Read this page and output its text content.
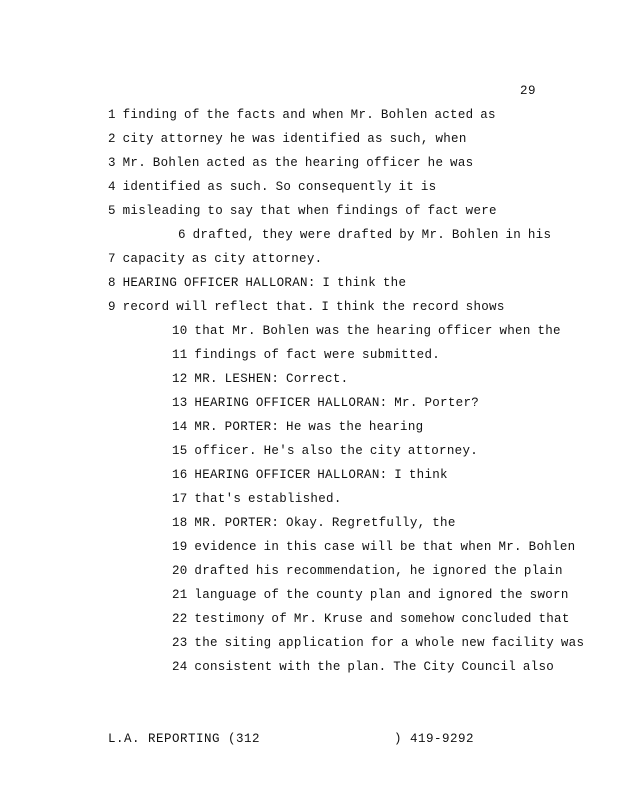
29
1 finding of the facts and when Mr. Bohlen acted as
2 city attorney he was identified as such, when
3 Mr. Bohlen acted as the hearing officer he was
4 identified as such. So consequently it is
5 misleading to say that when findings of fact were
6 drafted, they were drafted by Mr. Bohlen in his
7 capacity as city attorney.
8 HEARING OFFICER HALLORAN: I think the
9 record will reflect that. I think the record shows
10 that Mr. Bohlen was the hearing officer when the
11 findings of fact were submitted.
12 MR. LESHEN: Correct.
13 HEARING OFFICER HALLORAN: Mr. Porter?
14 MR. PORTER: He was the hearing
15 officer. He's also the city attorney.
16 HEARING OFFICER HALLORAN: I think
17 that's established.
18 MR. PORTER: Okay. Regretfully, the
19 evidence in this case will be that when Mr. Bohlen
20 drafted his recommendation, he ignored the plain
21 language of the county plan and ignored the sworn
22 testimony of Mr. Kruse and somehow concluded that
23 the siting application for a whole new facility was
24 consistent with the plan. The City Council also
L.A. REPORTING (312	) 419-9292
